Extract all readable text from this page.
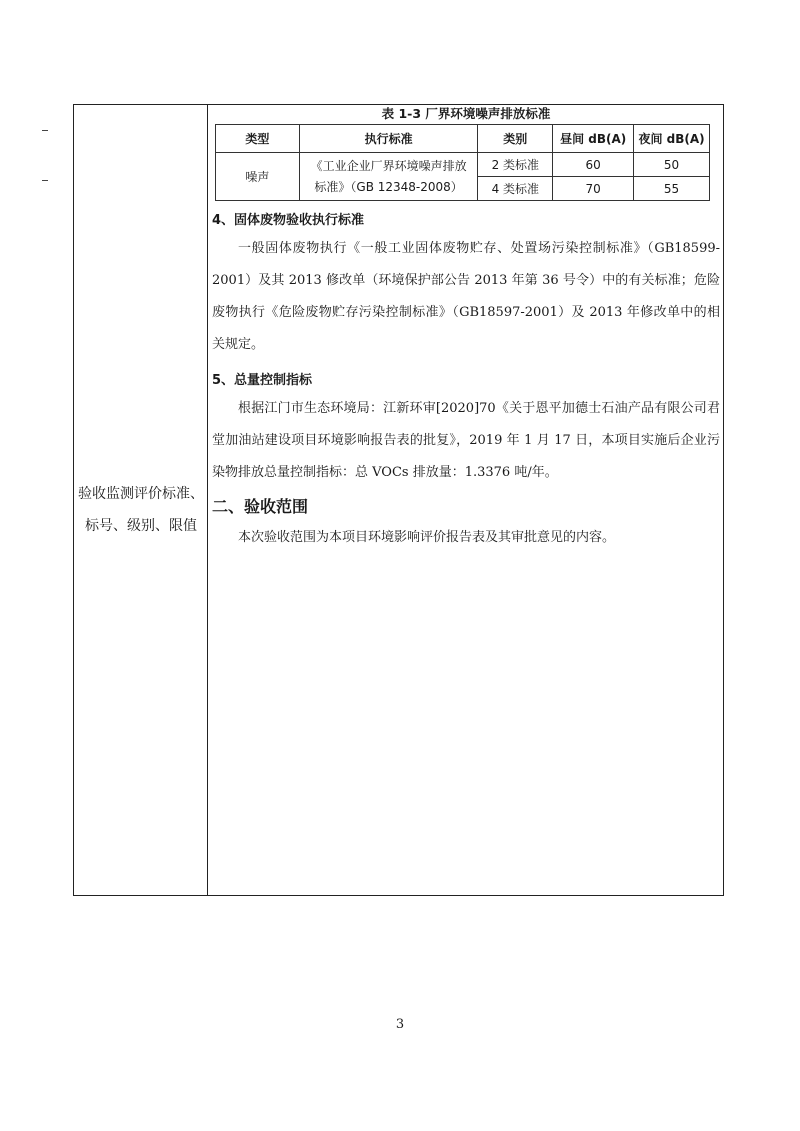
验收监测评价标准、标号、级别、限值
表 1-3 厂界环境噪声排放标准
类型	执行标准	类别	昼间 dB(A)	夜间 dB(A)
噪声	《工业企业厂界环境噪声排放标准》（GB 12348-2008）	2 类标准	60	50
		4 类标准	70	55
4、固体废物验收执行标准

一般固体废物执行《一般工业固体废物贮存、处置场污染控制标准》（GB18599-2001）及其 2013 修改单（环境保护部公告 2013 年第 36 号令）中的有关标准；危险废物执行《危险废物贮存污染控制标准》（GB18597-2001）及 2013 年修改单中的相关规定。

5、总量控制指标

根据江门市生态环境局：江新环审[2020]70《关于恩平加德士石油产品有限公司君堂加油站建设项目环境影响报告表的批复》，2019 年 1 月 17 日，本项目实施后企业污染物排放总量控制指标：总 VOCs 排放量：1.3376 吨/年。

二、验收范围

本次验收范围为本项目环境影响评价报告表及其审批意见的内容。

3
